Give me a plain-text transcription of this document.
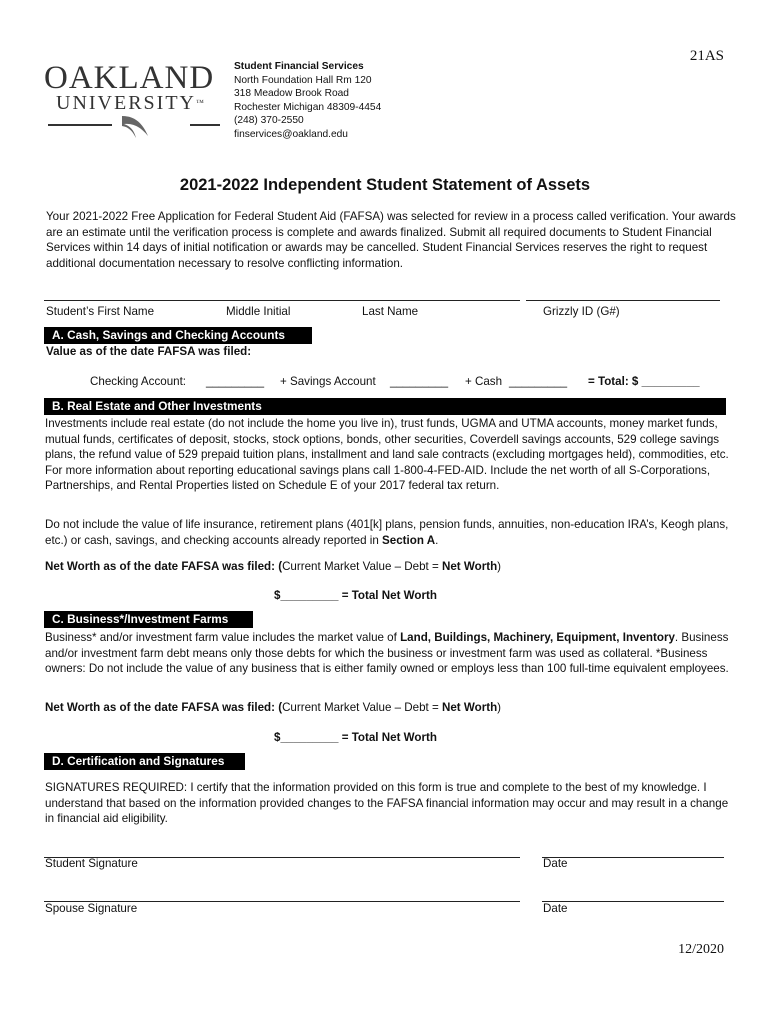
21AS
OAKLAND
UNIVERSITY™
Student Financial Services
North Foundation Hall Rm 120
318 Meadow Brook Road
Rochester Michigan 48309-4454
(248) 370-2550
finservices@oakland.edu
2021-2022 Independent Student Statement of Assets
Your 2021-2022 Free Application for Federal Student Aid (FAFSA) was selected for review in a process called verification. Your awards are an estimate until the verification process is complete and awards finalized. Submit all required documents to Student Financial Services within 14 days of initial notification or awards may be cancelled. Student Financial Services reserves the right to request additional documentation necessary to resolve conflicting information.
Student’s First Name	Middle Initial	Last Name	Grizzly ID (G#)
A. Cash, Savings and Checking Accounts
Value as of the date FAFSA was filed:
Checking Account: _________ + Savings Account _________ + Cash _________ = Total: $ _________
B. Real Estate and Other Investments
Investments include real estate (do not include the home you live in), trust funds, UGMA and UTMA accounts, money market funds, mutual funds, certificates of deposit, stocks, stock options, bonds, other securities, Coverdell savings accounts, 529 college savings plans, the refund value of 529 prepaid tuition plans, installment and land sale contracts (excluding mortgages held), commodities, etc. For more information about reporting educational savings plans call 1-800-4-FED-AID. Include the net worth of all S-Corporations, Partnerships, and Rental Properties listed on Schedule E of your 2017 federal tax return.
Do not include the value of life insurance, retirement plans (401[k] plans, pension funds, annuities, non-education IRA’s, Keogh plans, etc.) or cash, savings, and checking accounts already reported in Section A.
Net Worth as of the date FAFSA was filed: (Current Market Value – Debt = Net Worth)
$_________ = Total Net Worth
C. Business*/Investment Farms
Business* and/or investment farm value includes the market value of Land, Buildings, Machinery, Equipment, Inventory. Business and/or investment farm debt means only those debts for which the business or investment farm was used as collateral. *Business owners: Do not include the value of any business that is either family owned or employs less than 100 full-time equivalent employees.
Net Worth as of the date FAFSA was filed: (Current Market Value – Debt = Net Worth)
$_________ = Total Net Worth
D. Certification and Signatures
SIGNATURES REQUIRED: I certify that the information provided on this form is true and complete to the best of my knowledge. I understand that based on the information provided changes to the FAFSA financial information may occur and may result in a change in financial aid eligibility.
Student Signature	Date
Spouse Signature	Date
12/2020
